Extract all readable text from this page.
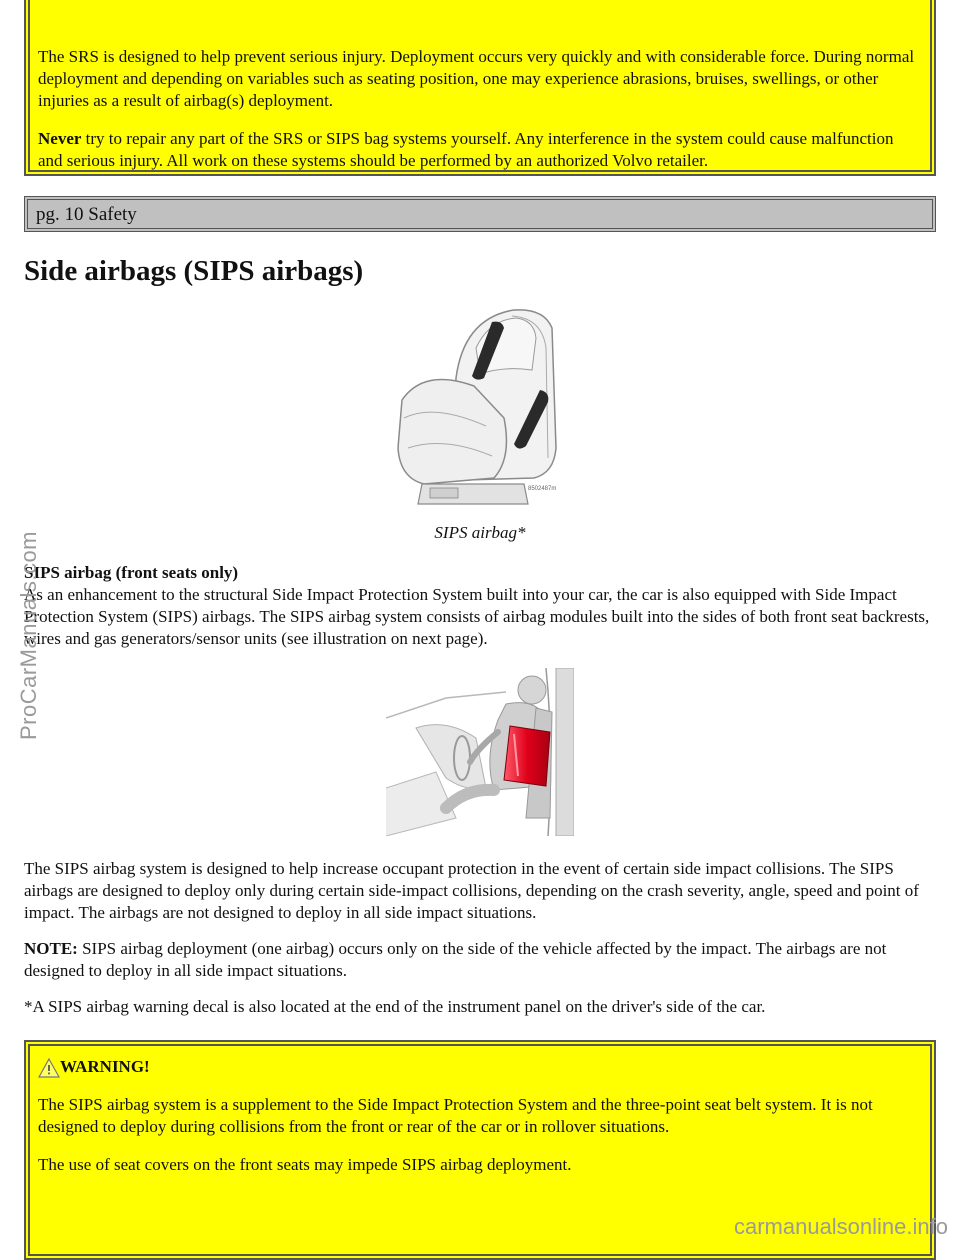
The SRS is designed to help prevent serious injury. Deployment occurs very quickly and with considerable force. During normal deployment and depending on variables such as seating position, one may experience abrasions, bruises, swellings, or other injuries as a result of airbag(s) deployment.

Never try to repair any part of the SRS or SIPS bag systems yourself. Any interference in the system could cause malfunction and serious injury. All work on these systems should be performed by an authorized Volvo retailer.

pg. 10 Safety
Side airbags (SIPS airbags)
8502487m
SIPS airbag*
SIPS airbag (front seats only)

As an enhancement to the structural Side Impact Protection System built into your car, the car is also equipped with Side Impact Protection System (SIPS) airbags. The SIPS airbag system consists of airbag modules built into the sides of both front seat backrests, wires and gas generators/sensor units (see illustration on next page).

The SIPS airbag system is designed to help increase occupant protection in the event of certain side impact collisions. The SIPS airbags are designed to deploy only during certain side-impact collisions, depending on the crash severity, angle, speed and point of impact. The airbags are not designed to deploy in all side impact situations.

NOTE: SIPS airbag deployment (one airbag) occurs only on the side of the vehicle affected by the impact. The airbags are not designed to deploy in all side impact situations.

*A SIPS airbag warning decal is also located at the end of the instrument panel on the driver's side of the car.

WARNING!

The SIPS airbag system is a supplement to the Side Impact Protection System and the three-point seat belt system. It is not designed to deploy during collisions from the front or rear of the car or in rollover situations.

The use of seat covers on the front seats may impede SIPS airbag deployment.

ProCarManuals.com
carmanualsonline.info
